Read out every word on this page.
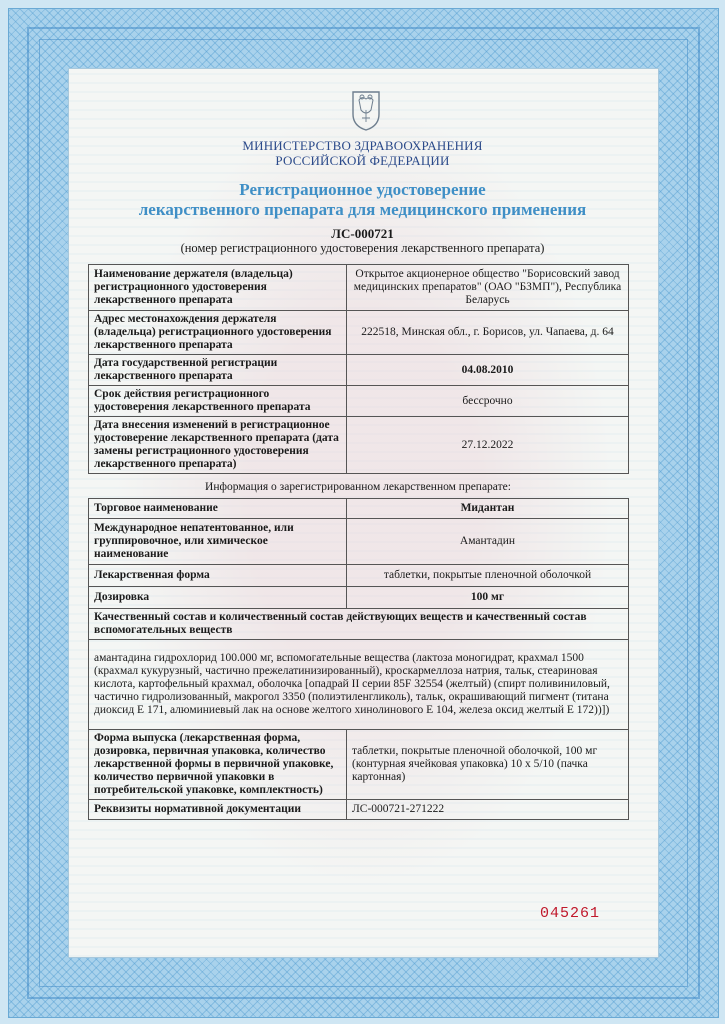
МИНИСТЕРСТВО ЗДРАВООХРАНЕНИЯ
РОССИЙСКОЙ ФЕДЕРАЦИИ
Регистрационное удостоверение
лекарственного препарата для медицинского применения
ЛС-000721
(номер регистрационного удостоверения лекарственного препарата)
Наименование держателя (владельца) регистрационного удостоверения лекарственного препарата	Открытое акционерное общество "Борисовский завод медицинских препаратов" (ОАО "БЗМП"), Республика Беларусь
Адрес местонахождения держателя (владельца) регистрационного удостоверения лекарственного препарата	222518, Минская обл., г. Борисов, ул. Чапаева, д. 64
Дата государственной регистрации лекарственного препарата	04.08.2010
Срок действия регистрационного удостоверения лекарственного препарата	бессрочно
Дата внесения изменений в регистрационное удостоверение лекарственного препарата (дата замены регистрационного удостоверения лекарственного препарата)	27.12.2022
Информация о зарегистрированном лекарственном препарате:
Торговое наименование	Мидантан
Международное непатентованное, или группировочное, или химическое наименование	Амантадин
Лекарственная форма	таблетки, покрытые пленочной оболочкой
Дозировка	100 мг
Качественный состав и количественный состав действующих веществ и качественный состав вспомогательных веществ	
амантадина гидрохлорид 100.000 мг, вспомогательные вещества (лактоза моногидрат, крахмал 1500 (крахмал кукурузный, частично прежелатинизированный), кроскармеллоза натрия, тальк, стеариновая кислота, картофельный крахмал, оболочка [опадрай II серии 85F 32554 (желтый) (спирт поливиниловый, частично гидролизованный, макрогол 3350 (полиэтиленгликоль), тальк, окрашивающий пигмент (титана диоксид Е 171, алюминиевый лак на основе желтого хинолинового Е 104, железа оксид желтый Е 172))])	
Форма выпуска (лекарственная форма, дозировка, первичная упаковка, количество лекарственной формы в первичной упаковке, количество первичной упаковки в потребительской упаковке, комплектность)	таблетки, покрытые пленочной оболочкой, 100 мг (контурная ячейковая упаковка) 10 x 5/10 (пачка картонная)
Реквизиты нормативной документации	ЛС-000721-271222
045261
